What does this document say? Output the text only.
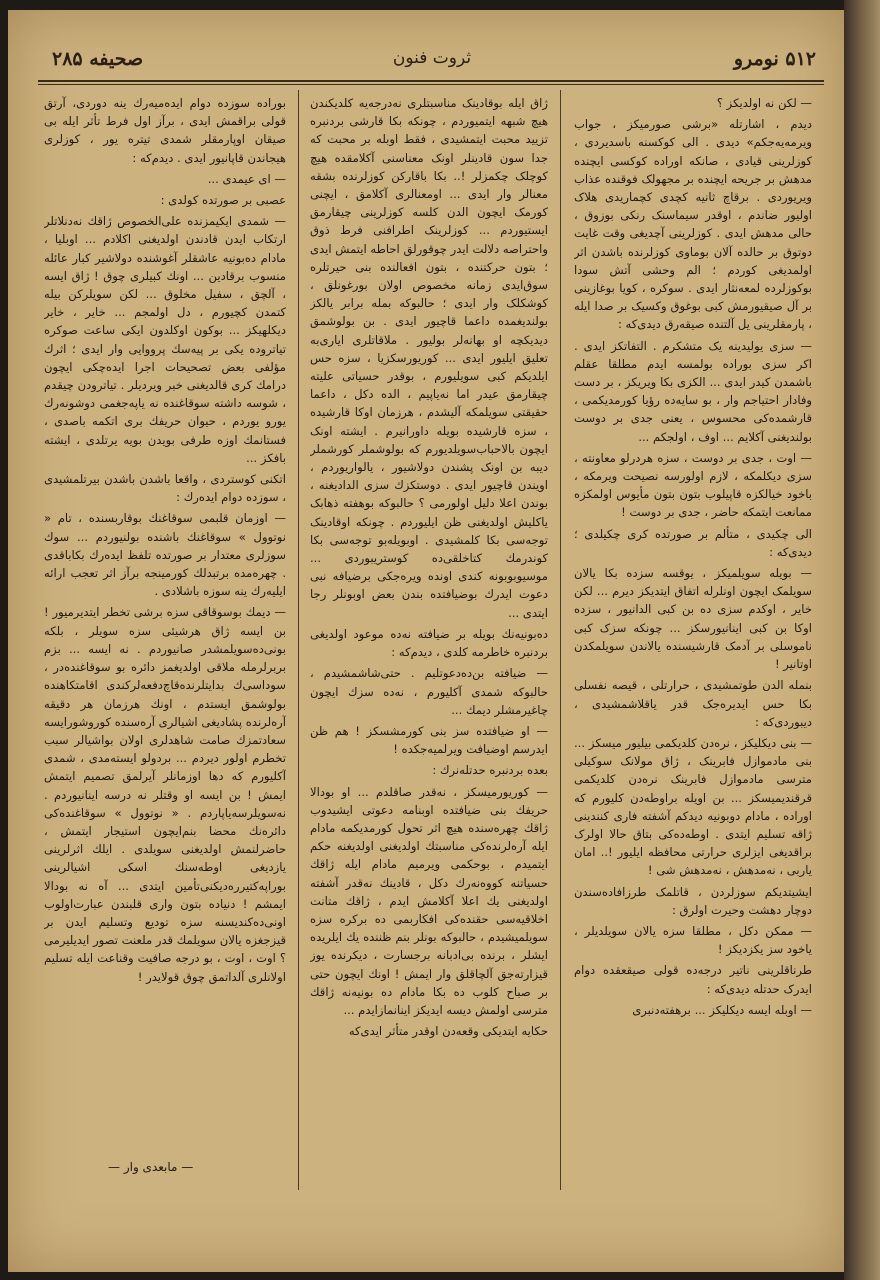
۵۱۲ نومرو
ثروت فنون
صحیفه ۲۸۵

— لکن نه اولدیکز ؟

دیدم ، اشارتله «برشی صورمیکز ، جواب ویرمه‌یه‌جکم» دیدی . الی کوکسنه باسدیردی ، کوزلرینی قیادی ، صانکه اوراده کوکسی ایچنده مدهش بر جریحه ایچنده بر مجهولک فوقنده عذاب ویریوردی . برقاچ ثانیه کچدی کچماریدی هلاک اولیور ضاندم ، اوقدر سیماسنک رنکی بوزوق ، حالی مدهش ایدی . کوزلرینی آچدیغی وقت غایت دوتوق بر حالده آلان بوماوی کوزلرنده باشدن اثر اولمدیغی کوردم ؛ الم وحشی آتش سودا بوکوزلرده لمعه‌نثار ایدی . سوکره ، کویا بوغازینی بر آل صیقیورمش کبی بوغوق وکسیک بر صدا ایله ، پارمقلرینی یل آلتنده صیقه‌رق دیدی‌که :

— سزی یولیدینه یک متشکرم . التفاتکز ایدی . اکر سزی بوراده بولمسه ایدم مطلقا عقلم باشمدن کیدر ایدی ... الکزی بکا ویریکز ، بر دست وفادار احتیاجم وار ، بو سایه‌ده رؤیا کورمدیکمی ، قارشمده‌کی محسوس ، یعنی جدی بر دوست بولندیغنی آکلایم ... اوف ، اولجکم ...

— اوت ، جدی بر دوست ، سزه هردرلو معاونته ، سزی دیکلمکه ، لازم اولورسه نصیحت ویرمکه ، باخود خیالکزه قاپیلوب بتون بتون مأیوس اولمکزه ممانعت ایتمکه حاضر ، جدی بر دوست !

الی چکیدی ، متألم بر صورتده کری چکیلدی ؛ دیدی‌که :

— بویله سویلمیکز ، یوقسه سزده بکا یالان سویلمک ایچون اونلرله اتفاق ایتدیکز دیرم ... لکن خایر ، اوکدم سزی ده بن کبی الدانیور ، سزده اوکا بن کبی اینانیورسکز ... چونکه سزک کبی ناموسلی بر آدمک قارشیسنده یالاندن سویلمکدن اوتانیر !

بنمله الدن طوتمشیدی ، حرارتلی ، قیصه نفسلی بکا حس ایدیره‌جک قدر یاقلاشمشیدی ، دیبوردی‌که :

— بنی دیکلیکز ، نره‌دن کلدیکمی بیلیور میسکز ... بنی مادموازل فابرینک ، ژاق مولانک سوکیلی مترسی مادموازل فابرینک نره‌دن کلدیکمی قرقندیمیسکز ... بن اویله براوطه‌دن کلیورم که اوراده ، مادام دوبونیه دیدکم آشفته فاری کنندینی ژاقه تسلیم ایتدی . اوطه‌ده‌کی بتاق حالا اولرک براقدیغی ایزلری حرارتی محافظه ایلیور !.. امان یاربی ، نه‌مدهش ، نه‌مدهش شی !

ایشیتدیکم سوزلردن ، قاتلمک طرزافاده‌سندن دوچار دهشت وحیرت اولرق :

— ممکن دکل ، مطلقا سزه یالان سویلدیلر ، یاخود سز یکزدیکز !

طرناقلرینی ناتیر درجه‌ده قولی صیقعقده دوام ایدرک حدتله دیدی‌که :

— اوبله ایسه دیکلیکز ... برهفته‌دنبری

ژاق ایله بوقادینک مناسبتلری نه‌درجه‌یه کلدیکندن هیچ شبهه ایتمیوردم ، چونکه بکا قارشی بردنبره تزیید محبت ایتمشیدی ، فقط اوبله بر محبت که جدا سون قادینلر اونک معناسنی آکلامقده هیچ کوچلک چکمزلر !.. بکا باقارکن کوزلرنده بشقه معنالر وار ایدی ... اومعنالری آکلامق ، ایچنی کورمک ایچون الدن کلسه کوزلرینی چیقارمق ایستیوردم ... کوزلرینک اطرافنی فرط ذوق واحتراصه دلالت ایدر چوقورلق احاطه ایتمش ایدی ؛ بتون حرکتنده ، بتون افعالنده بنی حیرتلره سوق‌ایدی زمانه مخصوص اولان بورغونلق ، کوشکلک وار ایدی ؛ حالبوکه بمله برابر یالکز بولندیغمده داعما قاچیور ایدی . بن بولوشمق دیدیکچه او بهانه‌لر بولیور . ملاقاتلری ایاری‌به تعلیق ایلیور ایدی ... کوریورسکزیا ، سزه حس ایلدیکم کبی سویلیورم ، بوقدر حسیاتی علیته چیقارمق عیدر اما نه‌یاپیم ، الده دکل ، داعما حقیقتی سویلمکه آلیشدم ، هرزمان اوکا قارشیده ، سزه قارشیده بویله داورانیرم . ایشته اونک ایچون بالاحباب‌سویلدیورم که بولوشملر کورشملر دیبه بن اونک پشندن دولاشیور ، یالواریوردم ، اویندن قاچیور ایدی . دوستکزك سزی الدادیغنه ، بوندن اعلا دلیل اولورمی ؟ حالبوکه بوهفته ذهابک یاکلیش اولدیغنی ظن ایلیوردم . چونکه اوقادینک توجه‌سی بکا کلمشیدی . اوبویله‌بو توجه‌سی بکا کوندرمك کتاخلقی‌ده کوستریبوردی ... موسیو‌بوبونه کندی اونده ویره‌جکی برضیافه نبی دعوت ایدرك بوضیافتده بندن بعض اوبونلر رجا ایتدی ...

ده‌بونیه‌نك بویله بر ضیافته نه‌ده موعود اولدیغی بردنبره خاطرمه کلدی ، دیدم‌که :

— ضیافته بن‌ده‌دعوتلیم . حتی‌شاشمشیدم ، حالبوکه شمدی آکلیورم ، نه‌ده سزك ایچون چاغیرمشلر دیمك ...

— او ضیافتده سز بنی کورمشسکز ! هم ظن ایدرسم اوضیافت ویرلمیه‌جکده !

بعده بردنبره حدتله‌نرك :

— کوریورمیسکز ، نه‌قدر صاقلدم ... او بودالا حریفك بنی ضیافتده اوبنامه دعوتی ایشیدوب ژاقك چهره‌سنده هیچ اثر تحول کورمدیکمه مادام ایله آره‌لرنده‌کی مناسبتك اولدیغنی اولدیغنه حکم ایتمیدم ، بوحکمی ویرمیم مادام ایله ژاقك حسیاتنه کووه‌نه‌رك دکل ، قادینك نه‌قدر آشفته اولدیغنی یك اعلا آکلامش ایدم ، ژاقك متانت اخلاقیه‌سی حقنده‌کی افکاربمی ده برکره سزه سویلمیشیدم ، حالبوکه بونلر بنم ظننده یك ایلریده ایشلر ، برنده بی‌ادبانه برجسارت ، دیکرنده یوز قیزارته‌جق آلچاقلق وار ایمش ! اونك ایچون حتی بر صباح کلوب ده بکا مادام ده بونیه‌نه ژاقك مترسی اولمش دیسه ایدیکز اینانمازایدم ...

حکایه ایتدیکی وقعه‌دن اوقدر متأثر ایدی‌که

بوراده سوزده دوام ایده‌میه‌رك ینه دوردی، آرتق قولی براقمش ایدی ، برآز اول فرط تأثر ایله بی صیقان اوپارمقلر شمدی تیتره یور ، کوزلری هیجاندن قاپانیور ایدی . دیدم‌که :

— ای عیمدی ...

عصبی بر صورتده کولدی :

— شمدی ایکیمزنده علی‌الخصوص ژاقك نه‌دنلاتلر ارتکاب ایدن قادندن اولدیغنی اکلادم ... اوبلیا ، مادام ده‌بونیه عاشقلر آغوشنده دولاشیر کبار عائله منسوب برقادین ... اونك کبیلری چوق ! ژاق ایسه ، آلچق ، سفیل مخلوق ... لکن سویلرکن بیله کتمدن کچیورم ، دل اولمجم ... خایر ، خایر دیکلهیکز ... بوکون اوکلدون ایکی ساعت صوکره تیاتروده یکی بر پیه‌سك پرووایی وار ایدی ؛ اثرك مؤلفی بعض تصحیحات اجرا ایده‌چکی ایچون درامك کری قالدیغنی خبر ویردیلر . تیاترودن چیقدم ، شوسه داشته سوقاغنده نه یاپه‌جغمی دوشونه‌رك یورو یوردم ، حیوان حریفك بری اتکمه باصدی ، فستانمك اوزه طرفی بویدن بویه یرتلدی ، ایشته بافکز ...

اتکنی کوستردی ، واقعا باشدن باشدن بیرتلمشیدی ، سوزده دوام ایده‌رك :

— اوزمان قلبمی سوقاغنك بوقاربسنده ، تام « نوتوول » سوقاغنك باشنده بولنیوردم ... سوك سوزلری معتدار بر صورتده تلفظ ایده‌رك بکاباقدی . چهره‌مده برتبدلك کورمینجه برآز اثر تعجب ارائه ایلیه‌رك ینه سوزه باشلادی .

— دیمك بوسوقاقی سزه برشی تخطر ایتدیرمیور ! بن ایسه ژاق هرشیئی سزه سویلر ، بلکه بونی‌ده‌سویلمشدر صانیوردم . نه ایسه ... بزم بربرلرمله ملاقی اولدیغمز دائره بو سوقاغنده‌در ، سوداسی‌ك بدایتلرنده‌قاچ‌دفعه‌لرکندی اقامتکاهنده بولوشمق ایستدم ، اونك هرزمان هر دقیقه آره‌لرنده پشادیغی اشیالری آره‌سنده کوروشورایسه‌ سعادتمزك صامت شاهدلری اولان بواشیالر سبب تخطرم اولور دیردم ... بردولو ایسته‌مدی ، شمدی آکلیورم که دها اوزمانلر آیرلمق تصمیم ایتمش ایمش ! بن ایسه او وقتلر نه درسه اینانیوردم . نه‌سویلرسه‌یاپاردم . « نوتوول » سوقاغنده‌کی دائره‌نك محضا بنم‌ایچون استیجار ایتمش ، حاضرلنمش اولدیغنی سویلدی . ایلك اثرلرینی یازدیغی اوطه‌سنك اسکی اشیالرینی بوراپه‌کتیرره‌دیکنی‌تأمین ایتدی ... آه نه بودالا ایمشم ! دنیاده بتون واری قلبندن عبارت‌اولوب اونی‌ده‌کندیسنه سزه تودیع وتسلیم ایدن بر قیزجغزه یالان سویلمك قدر ملعنت تصور ایدیلیرمی ؟ اوت ، اوت ، بو درجه صافیت وقناعت ایله تسلیم اولانلری آلداتمق چوق قولایدر !

— مابعدی وار —
